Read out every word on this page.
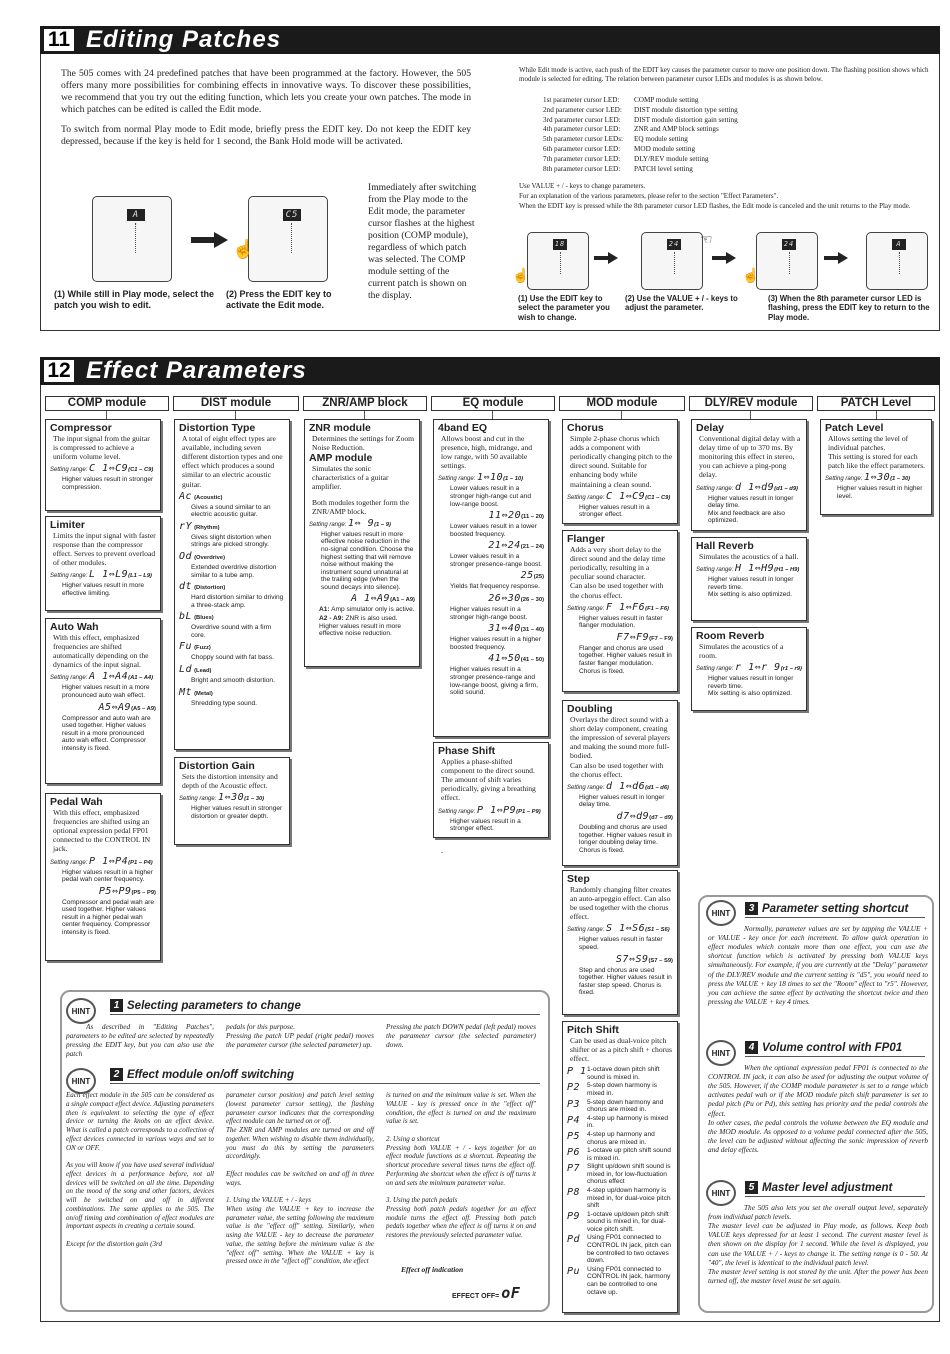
11 Editing Patches
The 505 comes with 24 predefined patches that have been programmed at the factory. However, the 505 offers many more possibilities for combining effects in innovative ways. To discover these possibilities, we recommend that you try out the editing function, which lets you create your own patches. The mode in which patches can be edited is called the Edit mode.
To switch from normal Play mode to Edit mode, briefly press the EDIT key. Do not keep the EDIT key depressed, because if the key is held for 1 second, the Bank Hold mode will be activated.
A 1
C5
☝
(1) While still in Play mode, select the patch you wish to edit.
(2) Press the EDIT key to activate the Edit mode.
Immediately after switching from the Play mode to the Edit mode, the parameter cursor flashes at the highest position (COMP module), regardless of which patch was selected. The COMP module setting of the current patch is shown on the display.
While Edit mode is active, each push of the EDIT key causes the parameter cursor to move one position down. The flashing position shows which module is selected for editing. The relation between parameter cursor LEDs and modules is as shown below.
1st parameter cursor LED: COMP module setting
2nd parameter cursor LED: DIST module distortion type setting
3rd parameter cursor LED: DIST module distortion gain setting
4th parameter cursor LED: ZNR and AMP block settings
5th parameter cursor LEDs: EQ module setting
6th parameter cursor LED: MOD module setting
7th parameter cursor LED: DLY/REV module setting
8th parameter cursor LED: PATCH level setting
Use VALUE + / - keys to change parameters.
For an explanation of the various parameters, please refer to the section "Effect Parameters".
When the EDIT key is pressed while the 8th parameter cursor LED flashes, the Edit mode is canceled and the unit returns to the Play mode.
18
☝
24 ☜	24
☝
A 1
(1) Use the EDIT key to select the parameter you wish to change.
(2) Use the VALUE + / - keys to adjust the parameter.
(3) When the 8th parameter cursor LED is flashing, press the EDIT key to return to the Play mode.
12 Effect Parameters
COMP module	DIST module	ZNR/AMP block	EQ module	MOD module	DLY/REV module	PATCH Level
Compressor
The input signal from the guitar is compressed to achieve a uniform volume level.
Setting range: C 1⇔C9(C1 – C9)
Higher values result in stronger compression.
Limiter
Limits the input signal with faster response than the compressor effect. Serves to prevent overload of other modules.
Setting range: L 1⇔L9(L1 – L9)
Higher values result in more effective limiting.
Auto Wah
With this effect, emphasized frequencies are shifted automatically depending on the dynamics of the input signal.
Setting range: A 1⇔A4(A1 – A4)
Higher values result in a more pronounced auto wah effect.
A5⇔A9(A5 – A9)
Compressor and auto wah are used together. Higher values result in a more pronounced auto wah effect. Compressor intensity is fixed.
Pedal Wah
With this effect, emphasized frequencies are shifted using an optional expression pedal FP01 connected to the CONTROL IN jack.
Setting range: P 1⇔P4(P1 – P4)
Higher values result in a higher pedal wah center frequency.
P5⇔P9(P5 – P9)
Compressor and pedal wah are used together. Higher values result in a higher pedal wah center frequency. Compressor intensity is fixed.
Distortion Type
A total of eight effect types are available, including seven different distortion types and one effect which produces a sound similar to an electric acoustic guitar.
Ac (Acoustic)
Gives a sound similar to an electric acoustic guitar.
rY (Rhythm)
Gives slight distortion when strings are picked strongly.
Od (Overdrive)
Extended overdrive distortion similar to a tube amp.
dt (Distortion)
Hard distortion similar to driving a three-stack amp.
bL (Blues)
Overdrive sound with a firm core.
Fu (Fuzz)
Choppy sound with fat bass.
Ld (Lead)
Bright and smooth distortion.
Mt (Metal)
Shredding type sound.
Distortion Gain
Sets the distortion intensity and depth of the Acoustic effect.
Setting range: 1⇔30(1 – 30)
Higher values result in stronger distortion or greater depth.
ZNR module
Determines the settings for Zoom Noise Reduction.
AMP module
Simulates the sonic characteristics of a guitar amplifier.
Both modules together form the ZNR/AMP block.
Setting range: 1⇔ 9(1 – 9)
Higher values result in more effective noise reduction in the no-signal condition. Choose the highest setting that will remove noise without making the instrument sound unnatural at the trailing edge (when the sound decays into silence).
A 1⇔A9(A1 – A9)
A1: Amp simulator only is active.
A2 - A9: ZNR is also used. Higher values result in more effective noise reduction.
4band EQ
Allows boost and cut in the presence, high, midrange, and low range, with 50 available settings.
Setting range: 1⇔10(1 – 10)
Lower values result in a stronger high-range cut and low-range boost.
11⇔20(11 – 20)
Lower values result in a lower boosted frequency.
21⇔24(21 – 24)
Lower values result in a stronger presence-range boost.
25(25)
Yields flat frequency response.
26⇔30(26 – 30)
Higher values result in a stronger high-range boost.
31⇔40(31 – 40)
Higher values result in a higher boosted frequency.
41⇔50(41 – 50)
Higher values result in a stronger presence-range and low-range boost, giving a firm, solid sound.
Phase Shift
Applies a phase-shifted component to the direct sound. The amount of shift varies periodically, giving a breathing effect.
Setting range: P 1⇔P9(P1 – P9)
Higher values result in a stronger effect.
.
Chorus
Simple 2-phase chorus which adds a component with periodically changing pitch to the direct sound. Suitable for enhancing body while maintaining a clean sound.
Setting range: C 1⇔C9(C1 – C9)
Higher values result in a stronger effect.
Flanger
Adds a very short delay to the direct sound and the delay time periodically, resulting in a peculiar sound character.
Can also be used together with the chorus effect.
Setting range: F 1⇔F6(F1 – F6)
Higher values result in faster flanger modulation.
F7⇔F9(F7 – F9)
Flanger and chorus are used together. Higher values result in faster flanger modulation. Chorus is fixed.
Doubling
Overlays the direct sound with a short delay component, creating the impression of several players and making the sound more full-bodied.
Can also be used together with the chorus effect.
Setting range: d 1⇔d6(d1 – d6)
Higher values result in longer delay time.
d7⇔d9(d7 – d9)
Doubling and chorus are used together. Higher values result in longer doubling delay time. Chorus is fixed.
Step
Randomly changing filter creates an auto-arpeggio effect. Can also be used together with the chorus effect.
Setting range: S 1⇔S6(S1 – S6)
Higher values result in faster speed.
S7⇔S9(S7 – S9)
Step and chorus are used together. Higher values result in faster step speed. Chorus is fixed.
Pitch Shift
Can be used as dual-voice pitch shifter or as a pitch shift + chorus effect.
P 1 1-octave down pitch shift sound is mixed in.
P2	5-step down harmony is mixed in.
P3	5-step down harmony and chorus are mixed in.
P4	4-step up harmony is mixed in.
P5	4-step up harmony and chorus are mixed in.
P6	1-octave up pitch shift sound is mixed in.
P7	Slight up/down shift sound is mixed in, for low-fluctuation chorus effect
P8	4-step up/down harmony is mixed in, for dual-voice pitch shift
P9	1-octave up/down pitch shift sound is mixed in, for dual-voice pitch shift.
Pd	Using FP01 connected to CONTROL IN jack, pitch can be controlled to two octaves down.
Pu	Using FP01 connected to CONTROL IN jack, harmony can be controlled to one octave up.
Delay
Conventional digital delay with a delay time of up to 370 ms. By monitoring this effect in stereo, you can achieve a ping-pong delay.
Setting range: d 1⇔d9(d1 – d9)
Higher values result in longer delay time.
Mix and feedback are also optimized.
Hall Reverb
Simulates the acoustics of a hall.
Setting range: H 1⇔H9(H1 – H9)
Higher values result in longer reverb time.
Mix setting is also optimized.
Room Reverb
Simulates the acoustics of a room.
Setting range: r 1⇔r 9(r1 – r9)
Higher values result in longer reverb time.
Mix setting is also optimized.
Patch Level
Allows setting the level of individual patches.
This setting is stored for each patch like the effect parameters.
Setting range: 1⇔30(1 – 30)
Higher values result in higher level.
HINT
1 Selecting parameters to change
As described in "Editing Patches", parameters to be edited are selected by repeatedly pressing the EDIT key, but you can also use the patch
pedals for this purpose.
Pressing the patch UP pedal (right pedal) moves the parameter cursor (the selected parameter) up.
Pressing the patch DOWN pedal (left pedal) moves the parameter cursor (the selected parameter) down.
HINT
2 Effect module on/off switching
Each effect module in the 505 can be considered as a single compact effect device. Adjusting parameters then is equivalent to selecting the type of effect device or turning the knobs on an effect device. What is called a patch corresponds to a collection of effect devices connected in various ways and set to ON or OFF.

As you will know if you have used several individual effect devices in a performance before, not all devices will be switched on all the time. Depending on the mood of the song and other factors, devices will be switched on and off in different combinations. The same applies to the 505. The on/off timing and combination of effect modules are important aspects in creating a certain sound.

Except for the distortion gain (3rd
parameter cursor position) and patch level setting (lowest parameter cursor setting), the flashing parameter cursor indicates that the corresponding effect module can be turned on or off.
The ZNR and AMP modules are turned on and off together. When wishing to disable them individually, you must do this by setting the parameters accordingly.

Effect modules can be switched on and off in three ways.

1. Using the VALUE + / - keys
When using the VALUE + key to increase the parameter value, the setting following the maximum value is the "effect off" setting. Similarly, when using the VALUE - key to decrease the parameter value, the setting before the minimum value is the "effect off" setting. When the VALUE + key is pressed once in the "effect off" condition, the effect
is turned on and the minimum value is set. When the VALUE - key is pressed once in the "effect off" condition, the effect is turned on and the maximum value is set.

2. Using a shortcut
Pressing both VALUE + / - keys together for an effect module functions as a shortcut. Repeating the shortcut procedure several times turns the effect off. Performing the shortcut when the effect is off turns it on and sets the minimum parameter value.

3. Using the patch pedals
Pressing both patch pedals together for an effect module turns the effect off. Pressing both patch pedals together when the effect is off turns it on and restores the previously selected parameter value.
Effect off indication
EFFECT OFF= oF
HINT	3 Parameter setting shortcut
Normally, parameter values are set by tapping the VALUE + or VALUE - key once for each increment. To allow quick operation in effect modules which contain more than one effect, you can use the shortcut function which is activated by pressing both VALUE keys simultaneously. For example, if you are currently at the "Delay" parameter of the DLY/REV module and the current setting is "d5", you would need to press the VALUE + key 18 times to set the "Room" effect to "r5". However, you can achieve the same effect by activating the shortcut twice and then pressing the VALUE + key 4 times.
HINT
4 Volume control with FP01
When the optional expression pedal FP01 is connected to the CONTROL IN jack, it can also be used for adjusting the output volume of the 505. However, if the COMP module parameter is set to a range which activates pedal wah or if the MOD module pitch shift parameter is set to pedal pitch (Pu or Pd), this setting has priority and the pedal controls the effect.
In other cases, the pedal controls the volume between the EQ module and the MOD module. As opposed to a volume pedal connected after the 505, the level can be adjusted without affecting the sonic impression of reverb and delay effects.
HINT
5 Master level adjustment
The 505 also lets you set the overall output level, separately from individual patch levels.
The master level can be adjusted in Play mode, as follows. Keep both VALUE keys depressed for at least 1 second. The current master level is then shown on the display for 1 second. While the level is displayed, you can use the VALUE + / - keys to change it. The setting range is 0 - 50. At "40", the level is identical to the individual patch level.
The master level setting is not stored by the unit. After the power has been turned off, the master level must be set again.
